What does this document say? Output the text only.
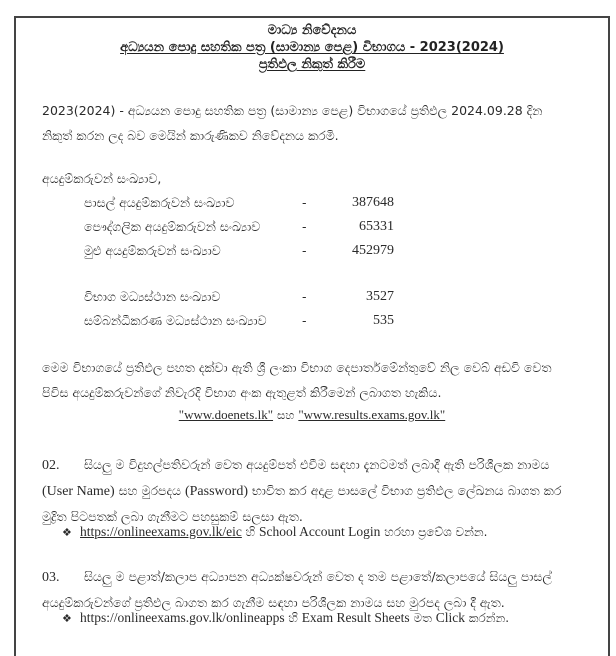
මාධ්‍ය නිවේදනය
අධ්‍යයන පොදු සහතික පත්‍ර (සාමාන්‍ය පෙළ) විභාගය - 2023(2024)
ප්‍රතිඵල නිකුත් කිරීම
2023(2024) - අධ්‍යයන පොදු සහතික පත්‍ර (සාමාන්‍ය පෙළ) විභාගයේ ප්‍රතිඵල 2024.09.28 දින
නිකුත් කරන ලද බව මෙයින් කාරුණිකව නිවේදනය කරමි.
අයදුම්කරුවන් සංඛ්‍යාව,
පාසල් අයදුම්කරුවන් සංඛ්‍යාව	-	387648
පෞද්ගලික අයදුම්කරුවන් සංඛ්‍යාව	-	65331
මුළු අයදුම්කරුවන් සංඛ්‍යාව	-	452979
විභාග මධ්‍යස්ථාන සංඛ්‍යාව	-	3527
සම්බන්ධීකරණ මධ්‍යස්ථාන සංඛ්‍යාව	-	535
මෙම විභාගයේ ප්‍රතිඵල පහත දක්වා ඇති ශ්‍රී ලංකා විභාග දෙපාර්තමේන්තුවේ නිල වෙබ් අඩවි වෙත
පිවිස අයදුම්කරුවන්ගේ නිවැරදි විභාග අංක ඇතුළත් කිරීමෙන් ලබාගත හැකිය.
"www.doenets.lk" සහ "www.results.exams.gov.lk"
02. සියලු ම විදුහල්පතිවරුන් වෙත අයදුම්පත් එවීම සඳහා දැනටමත් ලබාදී ඇති පරිශීලක නාමය
(User Name) සහ මුරපදය (Password) භාවිත කර අදාළ පාසලේ විභාග ප්‍රතිඵල ලේඛනය බාගත කර
මුද්‍රිත පිටපතක් ලබා ගැනීමට පහසුකම් සලසා ඇත.
❖ https://onlineexams.gov.lk/eic හි School Account Login හරහා ප්‍රවේශ වන්න.
03. සියලු ම පළාත්/කලාප අධ්‍යාපන අධ්‍යක්ෂවරුන් වෙත ද තම පළාතේ/කලාපයේ සියලු පාසල්
අයදුම්කරුවන්ගේ ප්‍රතිඵල බාගත කර ගැනීම සඳහා පරිශීලක නාමය සහ මුරපද ලබා දී ඇත.
❖ https://onlineexams.gov.lk/onlineapps හි Exam Result Sheets මත Click කරන්න.
